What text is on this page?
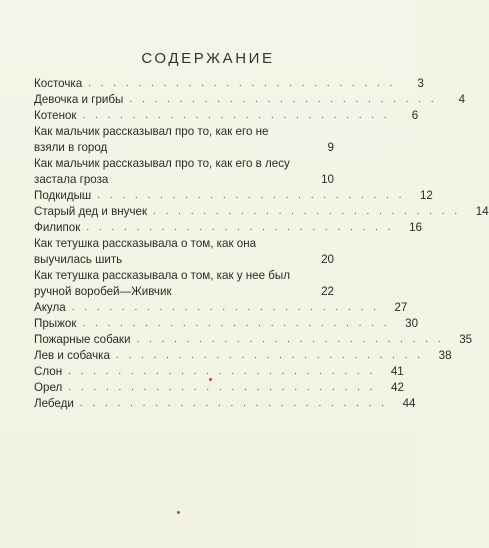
СОДЕРЖАНИЕ
Косточка . . . . . . . . . . . . . . . . . . . . . . . . .	3
Девочка и грибы . . . . . . . . . . . . . . . . . . . . . . . . .	4
Котенок . . . . . . . . . . . . . . . . . . . . . . . . .	6
Как мальчик рассказывал про то, как его не взяли в город	9
Как мальчик рассказывал про то, как его в лесу застала гроза	10
Подкидыш . . . . . . . . . . . . . . . . . . . . . . . . .	12
Старый дед и внучек . . . . . . . . . . . . . . . . . . . . . . . . .	14
Филипок . . . . . . . . . . . . . . . . . . . . . . . . .	16
Как тетушка рассказывала о том, как она выучилась шить	20
Как тетушка рассказывала о том, как у нее был ручной воробей—Живчик	22
Акула . . . . . . . . . . . . . . . . . . . . . . . . .	27
Прыжок . . . . . . . . . . . . . . . . . . . . . . . . .	30
Пожарные собаки . . . . . . . . . . . . . . . . . . . . . . . . .	35
Лев и собачка . . . . . . . . . . . . . . . . . . . . . . . . .	38
Слон . . . . . . . . . . . . . . . . . . . . . . . . .	41
Орел . . . . . . . . . . . . . . . . . . . . . . . . .	42
Лебеди . . . . . . . . . . . . . . . . . . . . . . . . .	44
